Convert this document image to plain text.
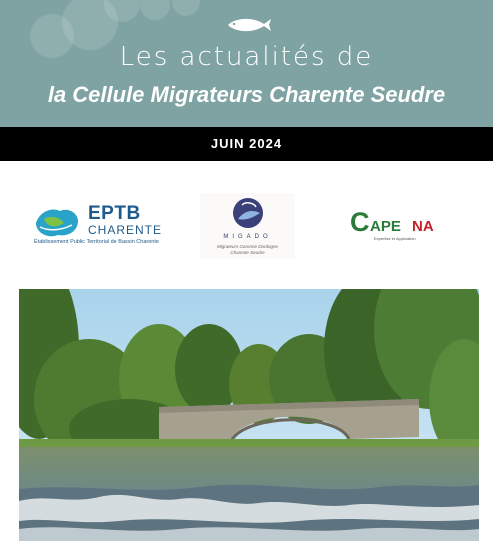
Les actualités de
la Cellule Migrateurs Charente Seudre
JUIN 2024
EPTB
CHARENTE
Établissement Public Territorial de Bassin Charente
MIGADO
Migrateurs Garonne Dordogne
Charente Seudre
C APE NA
Expertise et Application
